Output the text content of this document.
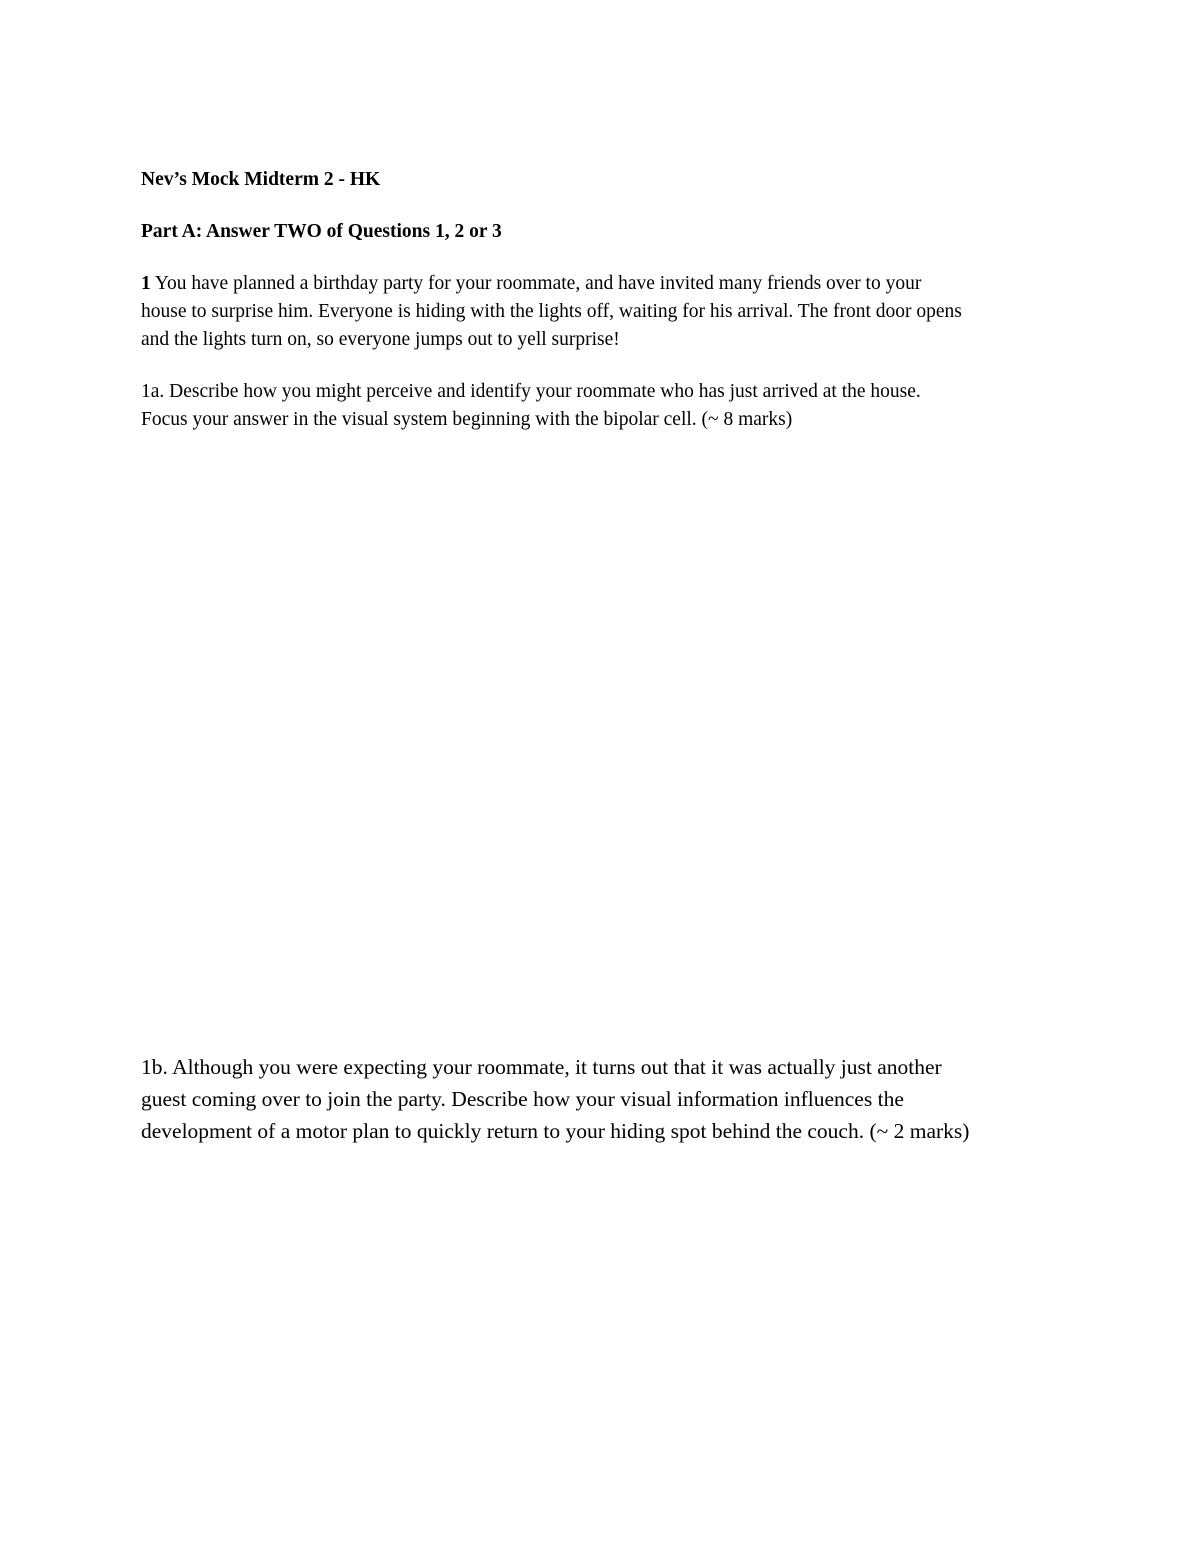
Nev’s Mock Midterm 2 - HK
Part A: Answer TWO of Questions 1, 2 or 3
1 You have planned a birthday party for your roommate, and have invited many friends over to your
house to surprise him. Everyone is hiding with the lights off, waiting for his arrival. The front door opens
and the lights turn on, so everyone jumps out to yell surprise!
1a. Describe how you might perceive and identify your roommate who has just arrived at the house.
Focus your answer in the visual system beginning with the bipolar cell. (~ 8 marks)
1b. Although you were expecting your roommate, it turns out that it was actually just another
guest coming over to join the party. Describe how your visual information influences the
development of a motor plan to quickly return to your hiding spot behind the couch. (~ 2 marks)
